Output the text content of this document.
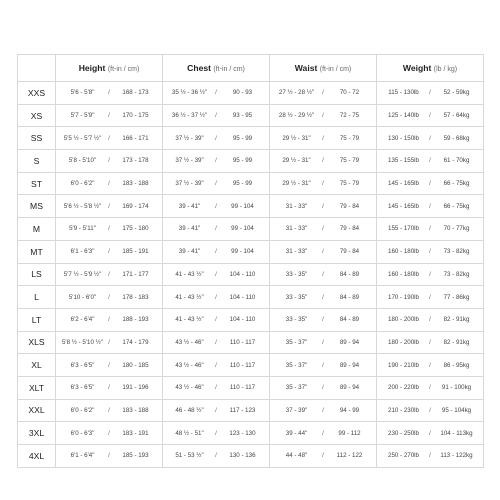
	Height (ft-in / cm)	Chest (ft-in / cm)	Waist (ft-in / cm)	Weight (lb / kg)
XXS	5'6 - 5'8" / 168 - 173	35 ½ - 36 ½" / 90 - 93	27 ½ - 28 ½" / 70 - 72	115 - 130lb / 52 - 59kg

XS	5'7 - 5'9" / 170 - 175	36 ½ - 37 ½" / 93 - 95	28 ½ - 29 ½" / 72 - 75	125 - 140lb / 57 - 64kg

SS	5'5 ½ - 5'7 ½" / 166 - 171	37 ½ - 39" / 95 - 99	29 ½ - 31" / 75 - 79	130 - 150lb / 59 - 68kg

S	5'8 - 5'10" / 173 - 178	37 ½ - 39" / 95 - 99	29 ½ - 31" / 75 - 79	135 - 155lb / 61 - 70kg

ST	6'0 - 6'2" / 183 - 188	37 ½ - 39" / 95 - 99	29 ½ - 31" / 75 - 79	145 - 165lb / 66 - 75kg

MS	5'6 ½ - 5'8 ½" / 169 - 174	39 - 41" / 99 - 104	31 - 33" / 79 - 84	145 - 165lb / 66 - 75kg

M	5'9 - 5'11" / 175 - 180	39 - 41" / 99 - 104	31 - 33" / 79 - 84	155 - 170lb / 70 - 77kg

MT	6'1 - 6'3" / 185 - 191	39 - 41" / 99 - 104	31 - 33" / 79 - 84	160 - 180lb / 73 - 82kg

LS	5'7 ½ - 5'9 ½" / 171 - 177	41 - 43 ½" / 104 - 110	33 - 35" / 84 - 89	160 - 180lb / 73 - 82kg

L	5'10 - 6'0" / 178 - 183	41 - 43 ½" / 104 - 110	33 - 35" / 84 - 89	170 - 190lb / 77 - 86kg

LT	6'2 - 6'4" / 188 - 193	41 - 43 ½" / 104 - 110	33 - 35" / 84 - 89	180 - 200lb / 82 - 91kg

XLS	5'8 ½ - 5'10 ½" / 174 - 179	43 ½ - 46" / 110 - 117	35 - 37" / 89 - 94	180 - 200lb / 82 - 91kg

XL	6'3 - 6'5" / 180 - 185	43 ½ - 46" / 110 - 117	35 - 37" / 89 - 94	190 - 210lb / 86 - 95kg

XLT	6'3 - 6'5" / 191 - 196	43 ½ - 46" / 110 - 117	35 - 37" / 89 - 94	200 - 220lb / 91 - 100kg

XXL	6'0 - 6'2" / 183 - 188	46 - 48 ½" / 117 - 123	37 - 39" / 94 - 99	210 - 230lb / 95 - 104kg

3XL	6'0 - 6'3" / 183 - 191	48 ½ - 51" / 123 - 130	39 - 44" / 99 - 112	230 - 250lb / 104 - 113kg

4XL	6'1 - 6'4" / 185 - 193	51 - 53 ½" / 130 - 136	44 - 48" / 112 - 122	250 - 270lb / 113 - 122kg
